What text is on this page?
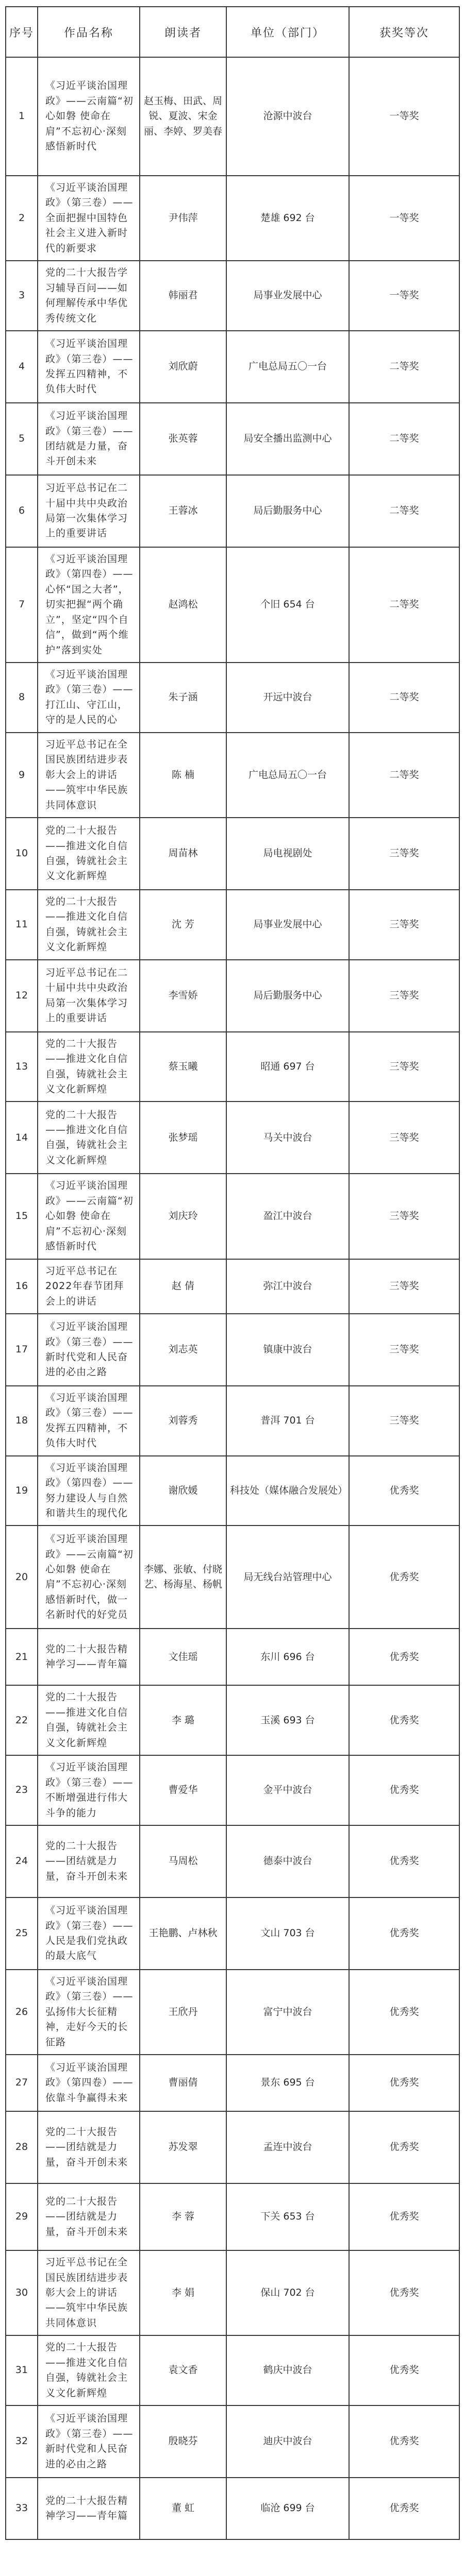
序号	作品名称	朗读者	单位（部门）	获奖等次
1	《习近平谈治国理政》——云南篇“初心如磐 使命在肩”不忘初心·深刻感悟新时代	赵玉梅、田武、周锐、夏波、宋金丽、李婷、罗美春	沧源中波台	一等奖
2	《习近平谈治国理政》（第三卷）——全面把握中国特色社会主义进入新时代的新要求	尹伟萍	楚雄 692 台	一等奖
3	党的二十大报告学习辅导百问——如何理解传承中华优秀传统文化	韩丽君	局事业发展中心	一等奖
4	《习近平谈治国理政》（第三卷）——发挥五四精神，不负伟大时代	刘欣蔚	广电总局五〇一台	二等奖
5	《习近平谈治国理政》（第三卷）——团结就是力量，奋斗开创未来	张英蓉	局安全播出监测中心	二等奖
6	习近平总书记在二十届中共中央政治局第一次集体学习上的重要讲话	王蓉冰	局后勤服务中心	二等奖
7	《习近平谈治国理政》（第四卷）——心怀“国之大者”，切实把握“两个确立”，坚定“四个自信”，做到“两个维护”落到实处	赵鸿松	个旧 654 台	二等奖
8	《习近平谈治国理政》（第三卷）——打江山、守江山，守的是人民的心	朱子涵	开远中波台	二等奖
9	习近平总书记在全国民族团结进步表彰大会上的讲话——筑牢中华民族共同体意识	陈 楠	广电总局五〇一台	二等奖
10	党的二十大报告——推进文化自信自强，铸就社会主义文化新辉煌	周苗林	局电视剧处	三等奖
11	党的二十大报告——推进文化自信自强，铸就社会主义文化新辉煌	沈 芳	局事业发展中心	三等奖
12	习近平总书记在二十届中共中央政治局第一次集体学习上的重要讲话	李雪娇	局后勤服务中心	三等奖
13	党的二十大报告——推进文化自信自强，铸就社会主义文化新辉煌	蔡玉曦	昭通 697 台	三等奖
14	党的二十大报告——推进文化自信自强，铸就社会主义文化新辉煌	张梦瑶	马关中波台	三等奖
15	《习近平谈治国理政》——云南篇“初心如磐 使命在肩”不忘初心·深刻感悟新时代	刘庆玲	盈江中波台	三等奖
16	习近平总书记在2022年春节团拜会上的讲话	赵 倩	弥江中波台	三等奖
17	《习近平谈治国理政》（第三卷）——新时代党和人民奋进的必由之路	刘志英	镇康中波台	三等奖
18	《习近平谈治国理政》（第三卷）——发挥五四精神，不负伟大时代	刘蓉秀	普洱 701 台	三等奖
19	《习近平谈治国理政》（第四卷）——努力建设人与自然和谐共生的现代化	谢欣媛	科技处（媒体融合发展处）	优秀奖
20	《习近平谈治国理政》——云南篇“初心如磐 使命在肩”不忘初心·深刻感悟新时代，做一名新时代的好党员	李娜、张敏、付晓艺、杨海星、杨帆	局无线台站管理中心	优秀奖
21	党的二十大报告精神学习——青年篇	文佳瑶	东川 696 台	优秀奖
22	党的二十大报告——推进文化自信自强，铸就社会主义文化新辉煌	李 璐	玉溪 693 台	优秀奖
23	《习近平谈治国理政》（第三卷）——不断增强进行伟大斗争的能力	曹爱华	金平中波台	优秀奖
24	党的二十大报告——团结就是力量，奋斗开创未来	马周松	德泰中波台	优秀奖
25	《习近平谈治国理政》（第三卷）——人民是我们党执政的最大底气	王艳鹏、卢林秋	文山 703 台	优秀奖
26	《习近平谈治国理政》（第三卷）——弘扬伟大长征精神，走好今天的长征路	王欣丹	富宁中波台	优秀奖
27	《习近平谈治国理政》（第四卷）——依靠斗争赢得未来	曹丽倩	景东 695 台	优秀奖
28	党的二十大报告——团结就是力量，奋斗开创未来	苏发翠	孟连中波台	优秀奖
29	党的二十大报告——团结就是力量，奋斗开创未来	李 蓉	下关 653 台	优秀奖
30	习近平总书记在全国民族团结进步表彰大会上的讲话——筑牢中华民族共同体意识	李 娟	保山 702 台	优秀奖
31	党的二十大报告——推进文化自信自强，铸就社会主义文化新辉煌	袁文香	鹤庆中波台	优秀奖
32	《习近平谈治国理政》（第三卷）——新时代党和人民奋进的必由之路	殷晓芬	迪庆中波台	优秀奖
33	党的二十大报告精神学习——青年篇	董 虹	临沧 699 台	优秀奖
